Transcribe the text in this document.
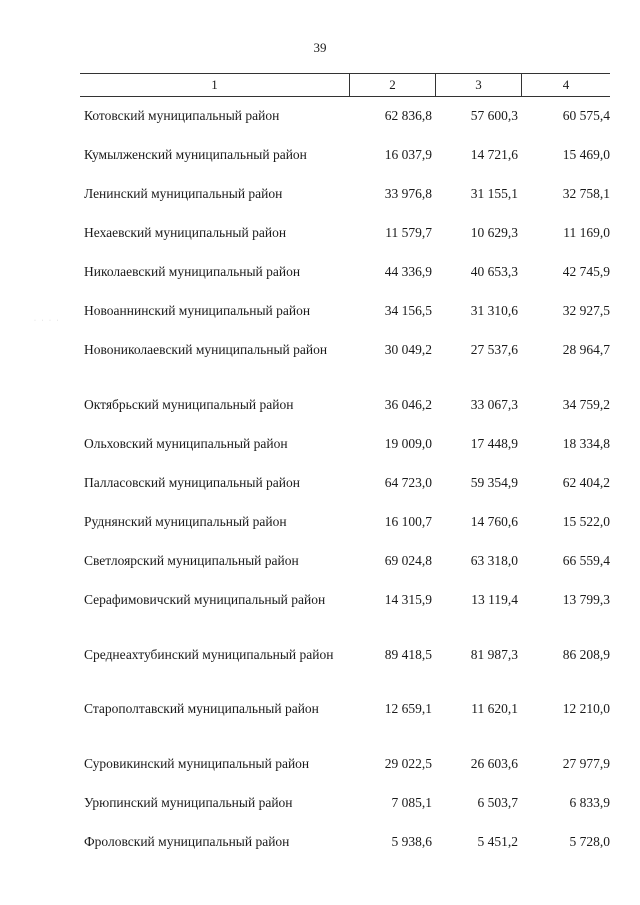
39
1	2	3	4
· · · ·
Котовский муниципальный район	62 836,8	57 600,3	60 575,4
Кумылженский муниципальный район	16 037,9	14 721,6	15 469,0
Ленинский муниципальный район	33 976,8	31 155,1	32 758,1
Нехаевский муниципальный район	11 579,7	10 629,3	11 169,0
Николаевский муниципальный район	44 336,9	40 653,3	42 745,9
Новоаннинский муниципальный район	34 156,5	31 310,6	32 927,5
Новониколаевский муниципальный район	30 049,2	27 537,6	28 964,7
Октябрьский муниципальный район	36 046,2	33 067,3	34 759,2
Ольховский муниципальный район	19 009,0	17 448,9	18 334,8
Палласовский муниципальный район	64 723,0	59 354,9	62 404,2
Руднянский муниципальный район	16 100,7	14 760,6	15 522,0
Светлоярский муниципальный район	69 024,8	63 318,0	66 559,4
Серафимовичский муниципальный район	14 315,9	13 119,4	13 799,3
Среднеахтубинский муниципальный район	89 418,5	81 987,3	86 208,9
Старополтавский муниципальный район	12 659,1	11 620,1	12 210,0
Суровикинский муниципальный район	29 022,5	26 603,6	27 977,9
Урюпинский муниципальный район	7 085,1	6 503,7	6 833,9
Фроловский муниципальный район	5 938,6	5 451,2	5 728,0
